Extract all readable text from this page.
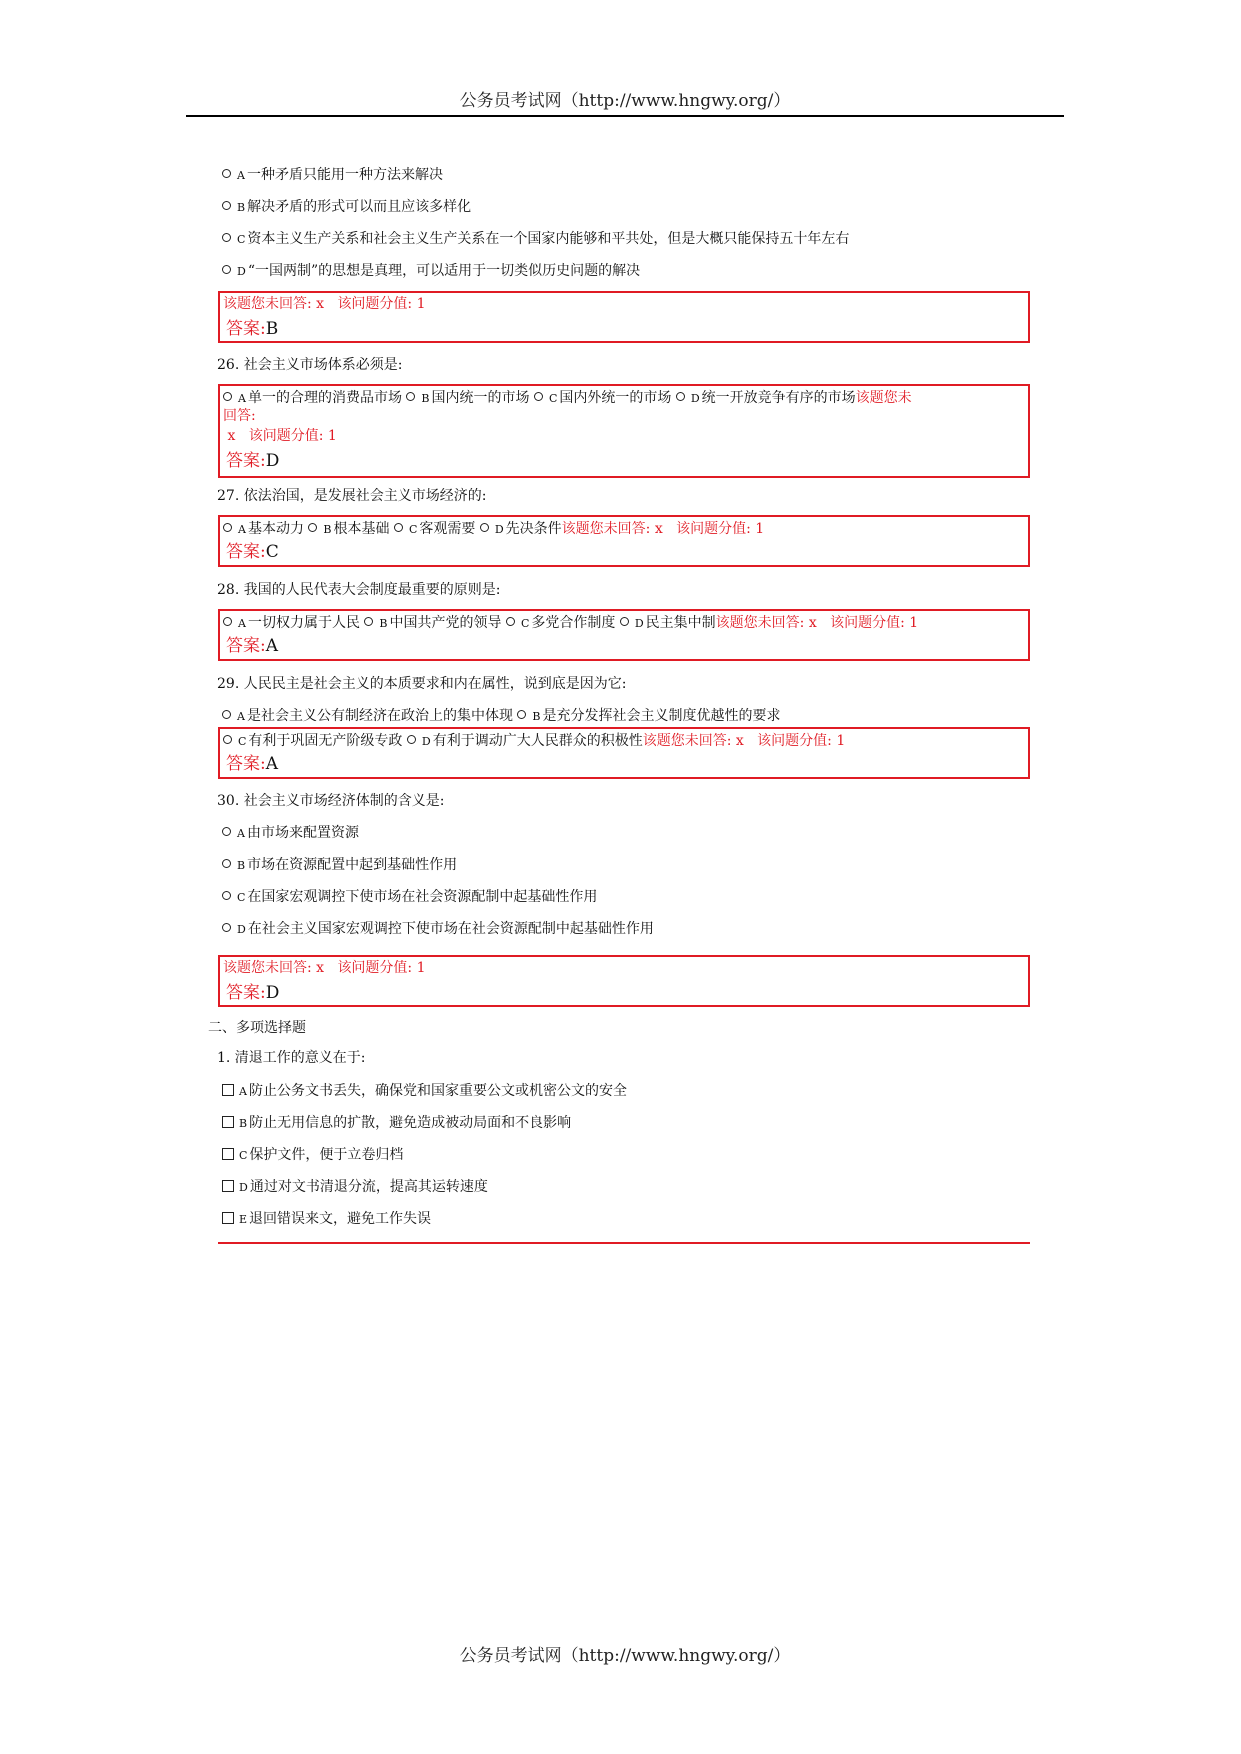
公务员考试网（http://www.hngwy.org/）
A 一种矛盾只能用一种方法来解决
B 解决矛盾的形式可以而且应该多样化
C 资本主义生产关系和社会主义生产关系在一个国家内能够和平共处，但是大概只能保持五十年左右
D “一国两制”的思想是真理，可以适用于一切类似历史问题的解决
该题您未回答: x 该问题分值: 1
答案:B
26. 社会主义市场体系必须是:
A 单一的合理的消费品市场 B 国内统一的市场 C 国内外统一的市场 D 统一开放竞争有序的市场该题您未
回答:
x 该问题分值: 1
答案:D
27. 依法治国，是发展社会主义市场经济的:
A 基本动力 B 根本基础 C 客观需要 D 先决条件该题您未回答: x 该问题分值: 1
答案:C
28. 我国的人民代表大会制度最重要的原则是:
A 一切权力属于人民 B 中国共产党的领导 C 多党合作制度 D 民主集中制该题您未回答: x 该问题分值: 1
答案:A
29. 人民民主是社会主义的本质要求和内在属性，说到底是因为它:
A 是社会主义公有制经济在政治上的集中体现 B 是充分发挥社会主义制度优越性的要求
C 有利于巩固无产阶级专政 D 有利于调动广大人民群众的积极性该题您未回答: x 该问题分值: 1
答案:A
30. 社会主义市场经济体制的含义是:
A 由市场来配置资源
B 市场在资源配置中起到基础性作用
C 在国家宏观调控下使市场在社会资源配制中起基础性作用
D 在社会主义国家宏观调控下使市场在社会资源配制中起基础性作用
该题您未回答: x 该问题分值: 1
答案:D
二、多项选择题
1. 清退工作的意义在于:
A 防止公务文书丢失，确保党和国家重要公文或机密公文的安全
B 防止无用信息的扩散，避免造成被动局面和不良影响
C 保护文件，便于立卷归档
D 通过对文书清退分流，提高其运转速度
E 退回错误来文，避免工作失误
公务员考试网（http://www.hngwy.org/）
